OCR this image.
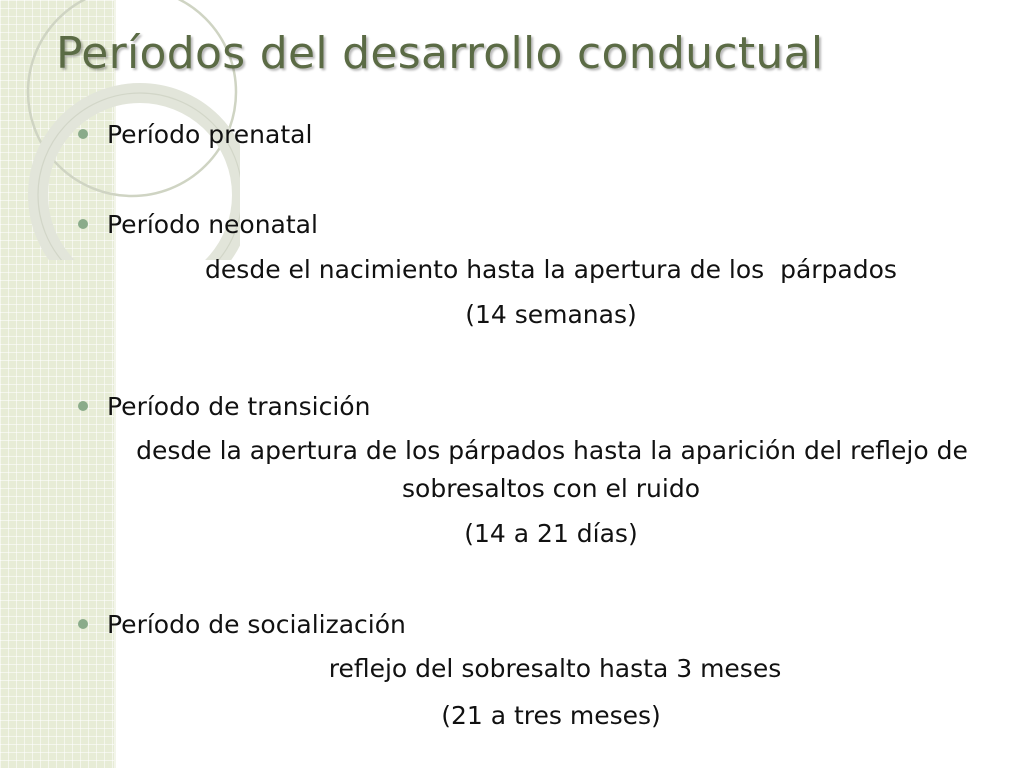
Períodos del desarrollo conductual
Período prenatal
Período neonatal
desde el nacimiento hasta la apertura de los  párpados
(14 semanas)
Período de transición
desde la apertura de los párpados hasta la aparición del reflejo de
sobresaltos con el ruido
(14 a 21 días)
Período de socialización
reflejo del sobresalto hasta 3 meses
(21 a tres meses)
